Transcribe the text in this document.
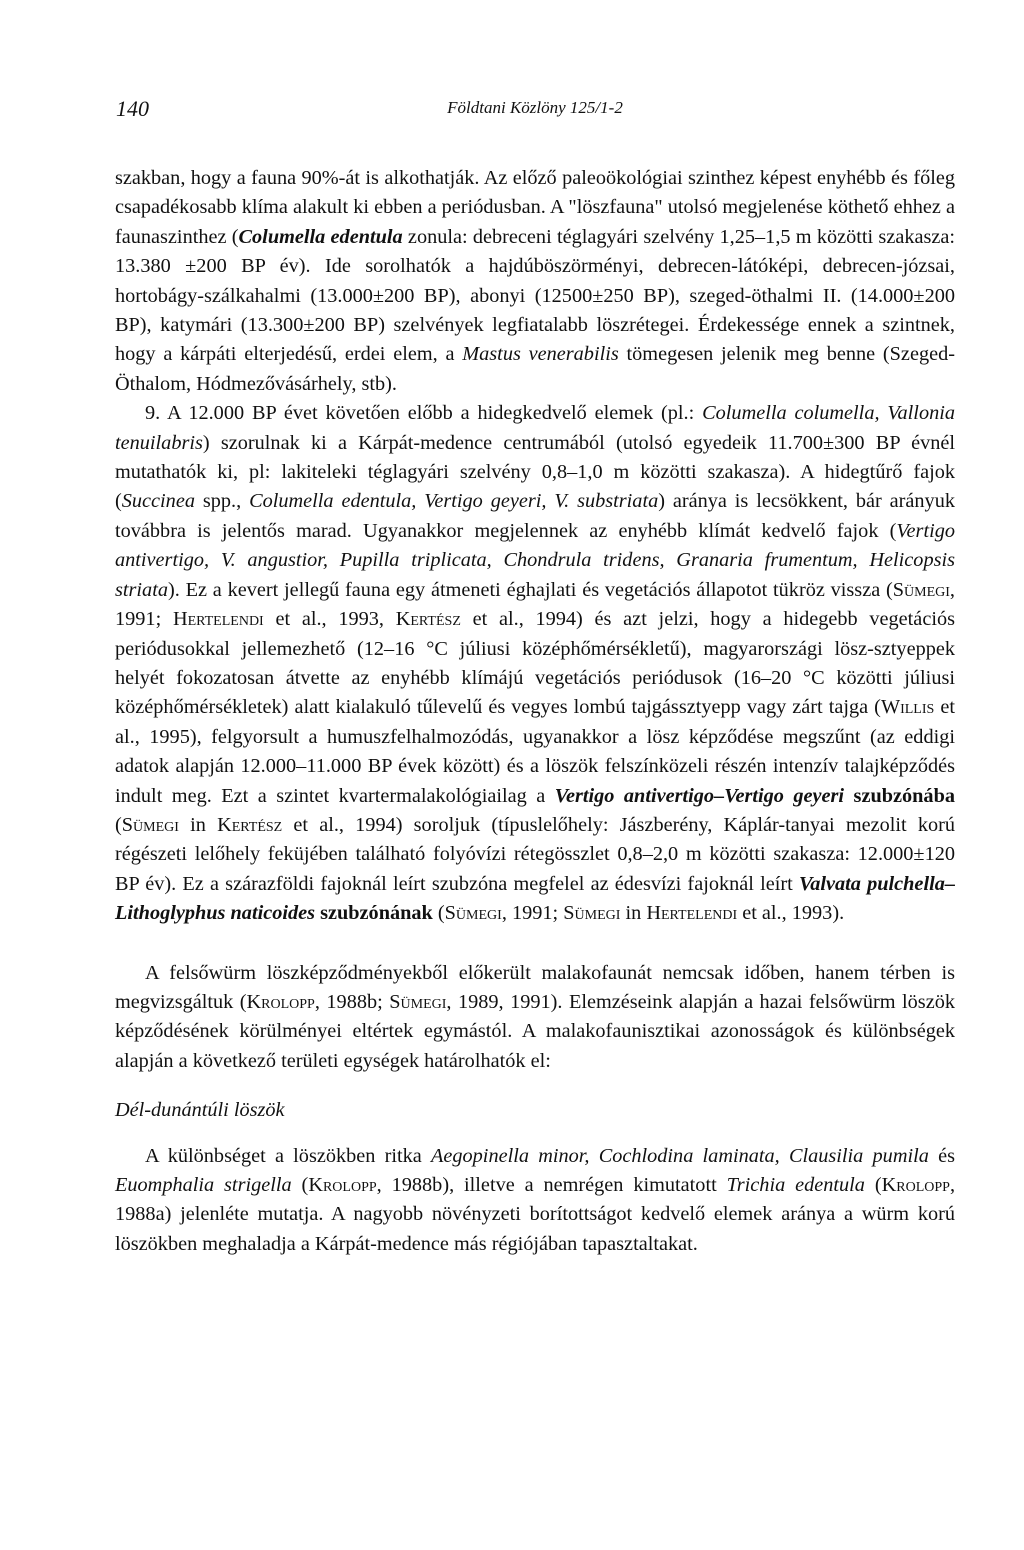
140	Földtani Közlöny 125/1-2

szakban, hogy a fauna 90%-át is alkothatják. Az előző paleoökológiai szinthez képest enyhébb és főleg csapadékosabb klíma alakult ki ebben a periódusban. A "löszfauna" utolsó megjelenése köthető ehhez a faunaszinthez (Columella edentula zonula: debreceni téglagyári szelvény 1,25–1,5 m közötti szakasza: 13.380 ±200 BP év). Ide sorolhatók a hajdúböszörményi, debrecen-látóképi, debrecen-józsai, hortobágy-szálkahalmi (13.000±200 BP), abonyi (12500±250 BP), szeged-öthalmi II. (14.000±200 BP), katymári (13.300±200 BP) szelvények legfiatalabb löszrétegei. Érdekessége ennek a szintnek, hogy a kárpáti elterjedésű, erdei elem, a Mastus venerabilis tömegesen jelenik meg benne (Szeged-Öthalom, Hódmezővásárhely, stb).

9. A 12.000 BP évet követően előbb a hidegkedvelő elemek (pl.: Columella columella, Vallonia tenuilabris) szorulnak ki a Kárpát-medence centrumából (utolsó egyedeik 11.700±300 BP évnél mutathatók ki, pl: lakiteleki téglagyári szelvény 0,8–1,0 m közötti szakasza). A hidegtűrő fajok (Succinea spp., Columella edentula, Vertigo geyeri, V. substriata) aránya is lecsökkent, bár arányuk továbbra is jelentős marad. Ugyanakkor megjelennek az enyhébb klímát kedvelő fajok (Vertigo antivertigo, V. angustior, Pupilla triplicata, Chondrula tridens, Granaria frumentum, Helicopsis striata). Ez a kevert jellegű fauna egy átmeneti éghajlati és vegetációs állapotot tükröz vissza (Sümegi, 1991; Hertelendi et al., 1993, Kertész et al., 1994) és azt jelzi, hogy a hidegebb vegetációs periódusokkal jellemezhető (12–16 °C júliusi középhőmérsékletű), magyarországi lösz-sztyeppek helyét fokozatosan átvette az enyhébb klímájú vegetációs periódusok (16–20 °C közötti júliusi középhőmérsékletek) alatt kialakuló tűlevelű és vegyes lombú tajgássztyepp vagy zárt tajga (Willis et al., 1995), felgyorsult a humuszfelhalmozódás, ugyanakkor a lösz képződése megszűnt (az eddigi adatok alapján 12.000–11.000 BP évek között) és a löszök felszínközeli részén intenzív talajképződés indult meg. Ezt a szintet kvartermalakológiailag a Vertigo antivertigo–Vertigo geyeri szubzónába (Sümegi in Kertész et al., 1994) soroljuk (típuslelőhely: Jászberény, Káplár-tanyai mezolit korú régészeti lelőhely feküjében található folyóvízi rétegösszlet 0,8–2,0 m közötti szakasza: 12.000±120 BP év). Ez a szárazföldi fajoknál leírt szubzóna megfelel az édesvízi fajoknál leírt Valvata pulchella–Lithoglyphus naticoides szubzónának (Sümegi, 1991; Sümegi in Hertelendi et al., 1993).

A felsőwürm löszképződményekből előkerült malakofaunát nemcsak időben, hanem térben is megvizsgáltuk (Krolopp, 1988b; Sümegi, 1989, 1991). Elemzéseink alapján a hazai felsőwürm löszök képződésének körülményei eltértek egymástól. A malakofaunisztikai azonosságok és különbségek alapján a következő területi egységek határolhatók el:

Dél-dunántúli löszök

A különbséget a löszökben ritka Aegopinella minor, Cochlodina laminata, Clausilia pumila és Euomphalia strigella (Krolopp, 1988b), illetve a nemrégen kimutatott Trichia edentula (Krolopp, 1988a) jelenléte mutatja. A nagyobb növényzeti borítottságot kedvelő elemek aránya a würm korú löszökben meghaladja a Kárpát-medence más régiójában tapasztaltakat.
